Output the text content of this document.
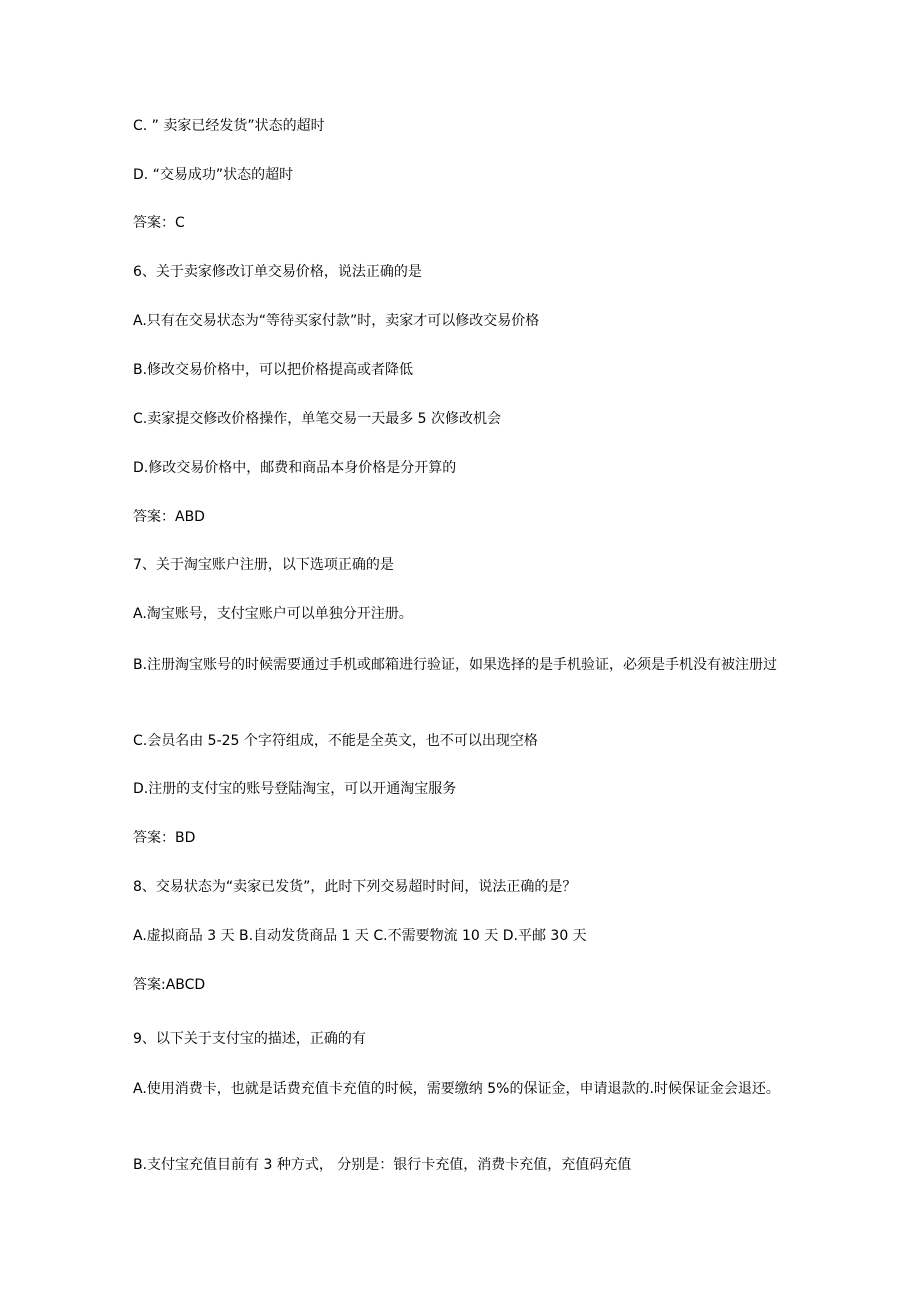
C. ” 卖家已经发货”状态的超时
D. “交易成功”状态的超时
答案：C
6、关于卖家修改订单交易价格，说法正确的是
A.只有在交易状态为“等待买家付款”时，卖家才可以修改交易价格
B.修改交易价格中，可以把价格提高或者降低
C.卖家提交修改价格操作，单笔交易一天最多 5 次修改机会
D.修改交易价格中，邮费和商品本身价格是分开算的
答案：ABD
7、关于淘宝账户注册，以下选项正确的是
A.淘宝账号，支付宝账户可以单独分开注册。
B.注册淘宝账号的时候需要通过手机或邮箱进行验证，如果选择的是手机验证，必须是手机没有被注册过
C.会员名由 5-25 个字符组成，不能是全英文，也不可以出现空格
D.注册的支付宝的账号登陆淘宝，可以开通淘宝服务
答案：BD
8、交易状态为“卖家已发货”，此时下列交易超时时间，说法正确的是？
A.虚拟商品 3 天 B.自动发货商品 1 天 C.不需要物流 10 天 D.平邮 30 天
答案:ABCD
9、以下关于支付宝的描述，正确的有
A.使用消费卡，也就是话费充值卡充值的时候，需要缴纳 5%的保证金，申请退款的.时候保证金会退还。
B.支付宝充值目前有 3 种方式， 分别是：银行卡充值，消费卡充值，充值码充值
